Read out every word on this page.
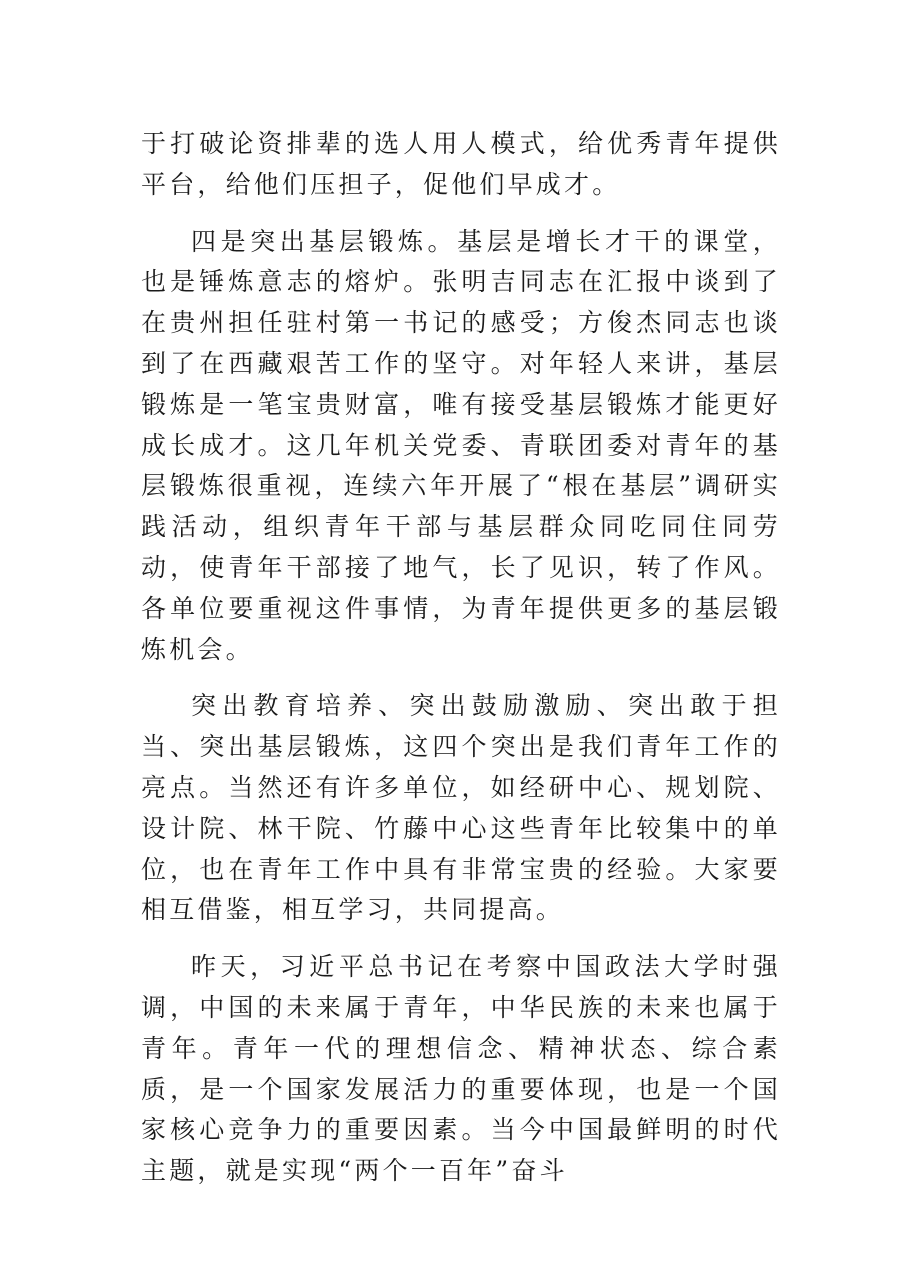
于打破论资排辈的选人用人模式，给优秀青年提供平台，给他们压担子，促他们早成才。

四是突出基层锻炼。基层是增长才干的课堂，也是锤炼意志的熔炉。张明吉同志在汇报中谈到了在贵州担任驻村第一书记的感受；方俊杰同志也谈到了在西藏艰苦工作的坚守。对年轻人来讲，基层锻炼是一笔宝贵财富，唯有接受基层锻炼才能更好成长成才。这几年机关党委、青联团委对青年的基层锻炼很重视，连续六年开展了“根在基层”调研实践活动，组织青年干部与基层群众同吃同住同劳动，使青年干部接了地气，长了见识，转了作风。各单位要重视这件事情，为青年提供更多的基层锻炼机会。

突出教育培养、突出鼓励激励、突出敢于担当、突出基层锻炼，这四个突出是我们青年工作的亮点。当然还有许多单位，如经研中心、规划院、设计院、林干院、竹藤中心这些青年比较集中的单位，也在青年工作中具有非常宝贵的经验。大家要相互借鉴，相互学习，共同提高。

昨天，习近平总书记在考察中国政法大学时强调，中国的未来属于青年，中华民族的未来也属于青年。青年一代的理想信念、精神状态、综合素质，是一个国家发展活力的重要体现，也是一个国家核心竞争力的重要因素。当今中国最鲜明的时代主题，就是实现“两个一百年”奋斗
